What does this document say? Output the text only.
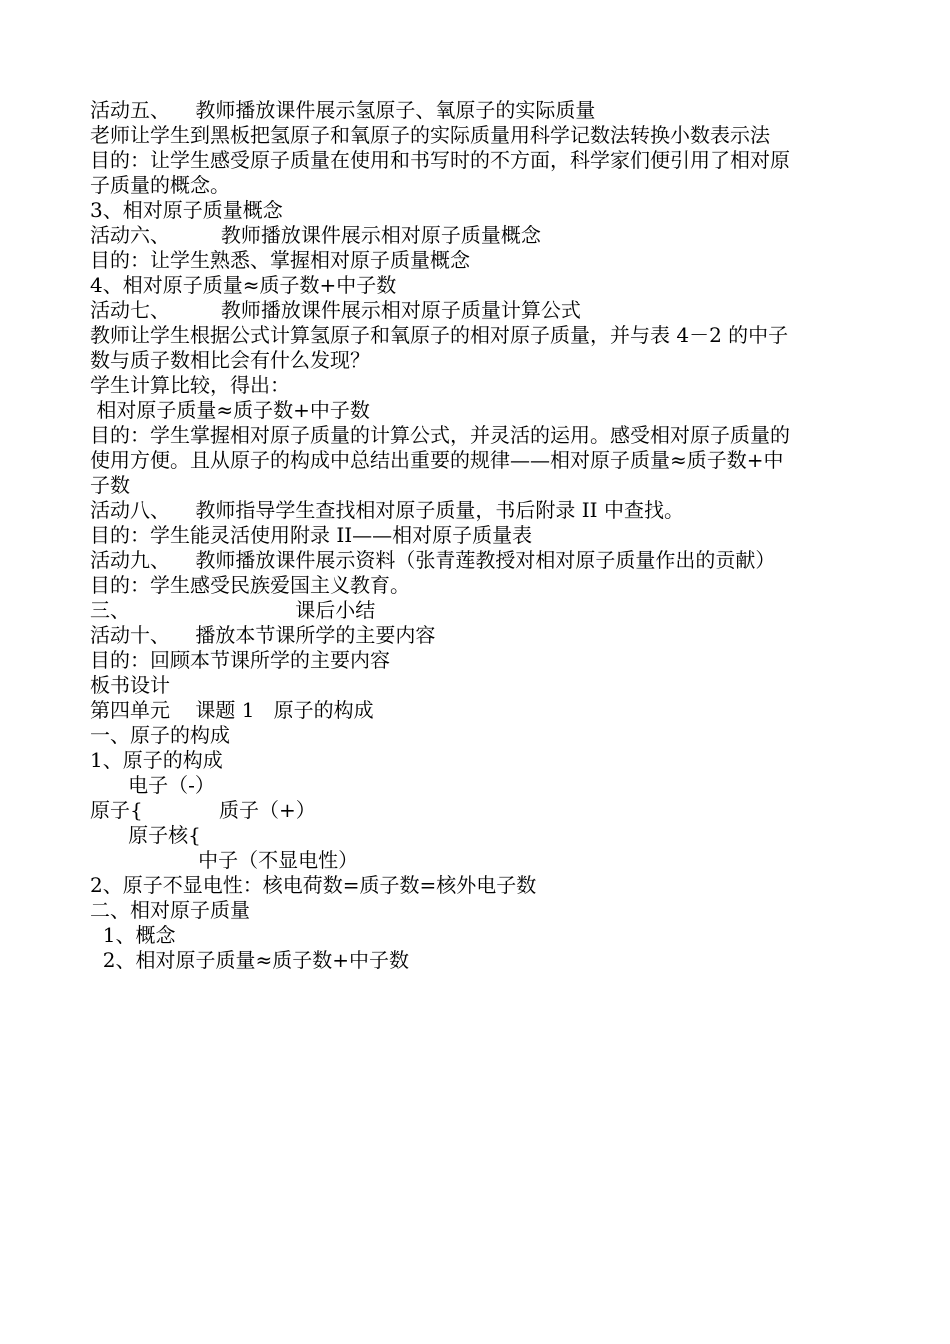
活动五、    教师播放课件展示氢原子、氧原子的实际质量
老师让学生到黑板把氢原子和氧原子的实际质量用科学记数法转换小数表示法
目的：让学生感受原子质量在使用和书写时的不方面，科学家们便引用了相对原
子质量的概念。
3、相对原子质量概念
活动六、        教师播放课件展示相对原子质量概念
目的：让学生熟悉、掌握相对原子质量概念
4、相对原子质量≈质子数+中子数
活动七、        教师播放课件展示相对原子质量计算公式
教师让学生根据公式计算氢原子和氧原子的相对原子质量，并与表 4－2 的中子
数与质子数相比会有什么发现？
学生计算比较，得出：
相对原子质量≈质子数+中子数
目的：学生掌握相对原子质量的计算公式，并灵活的运用。感受相对原子质量的
使用方便。且从原子的构成中总结出重要的规律——相对原子质量≈质子数+中
子数
活动八、    教师指导学生查找相对原子质量，书后附录 II 中查找。
目的：学生能灵活使用附录 II——相对原子质量表
活动九、    教师播放课件展示资料（张青莲教授对相对原子质量作出的贡献）
目的：学生感受民族爱国主义教育。
三、                          课后小结
活动十、    播放本节课所学的主要内容
目的：回顾本节课所学的主要内容
板书设计
第四单元    课题 1   原子的构成
一、原子的构成
1、原子的构成
电子（-）
原子{            质子（+）
原子核{
中子（不显电性）
2、原子不显电性：核电荷数=质子数=核外电子数
二、相对原子质量
1、概念
2、相对原子质量≈质子数+中子数
